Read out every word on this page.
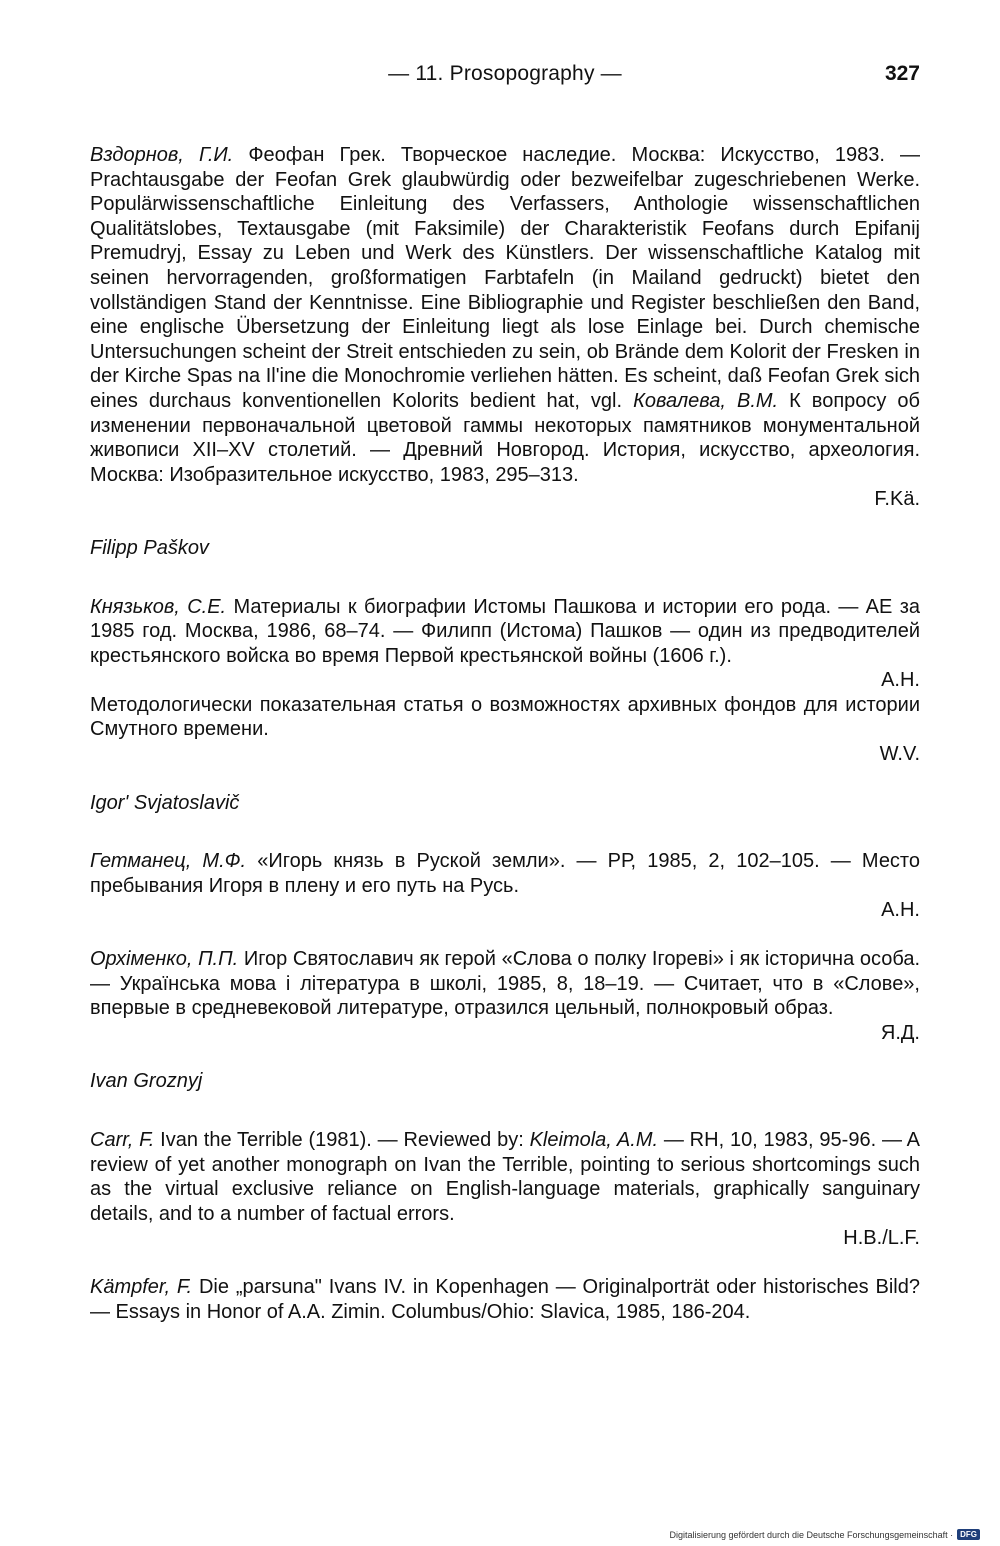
— 11. Prosopography —	327

Вздорнов, Г.И. Феофан Грек. Творческое наследие. Москва: Искусство, 1983. — Prachtausgabe der Feofan Grek glaubwürdig oder bezweifelbar zugeschriebenen Werke. Populärwissenschaftliche Einleitung des Verfassers, Anthologie wissenschaftlichen Qualitätslobes, Textausgabe (mit Faksimile) der Charakteristik Feofans durch Epifanij Premudryj, Essay zu Leben und Werk des Künstlers. Der wissenschaftliche Katalog mit seinen hervorragenden, großformatigen Farbtafeln (in Mailand gedruckt) bietet den vollständigen Stand der Kenntnisse. Eine Bibliographie und Register beschließen den Band, eine englische Übersetzung der Einleitung liegt als lose Einlage bei. Durch chemische Untersuchungen scheint der Streit entschieden zu sein, ob Brände dem Kolorit der Fresken in der Kirche Spas na Il'ine die Monochromie verliehen hätten. Es scheint, daß Feofan Grek sich eines durchaus konventionellen Kolorits bedient hat, vgl. Ковалева, В.М. К вопросу об изменении первоначальной цветовой гаммы некоторых памятников монументальной живописи XII–XV столетий. — Древний Новгород. История, искусство, археология. Москва: Изобразительное искусство, 1983, 295–313.

F.Kä.
Filipp Paškov

Князьков, С.Е. Материалы к биографии Истомы Пашкова и истории его рода. — АЕ за 1985 год. Москва, 1986, 68–74. — Филипп (Истома) Пашков — один из предводителей крестьянского войска во время Первой крестьянской войны (1606 г.).

A.H.

Методологически показательная статья о возможностях архивных фондов для истории Смутного времени.

W.V.
Igor' Svjatoslavič

Гетманец, М.Ф. «Игорь князь в Руской земли». — РР, 1985, 2, 102–105. — Место пребывания Игоря в плену и его путь на Русь.

A.H.

Орхіменко, П.П. Игор Святославич як герой «Слова о полку Ігоревi» і як історична особа. — Українська мова і література в школі, 1985, 8, 18–19. — Считает, что в «Слове», впервые в средневековой литературе, отразился цельный, полнокровый образ.

Я.Д.
Ivan Groznyj

Carr, F. Ivan the Terrible (1981). — Reviewed by: Kleimola, A.M. — RH, 10, 1983, 95-96. — A review of yet another monograph on Ivan the Terrible, pointing to serious shortcomings such as the virtual exclusive reliance on English-language materials, graphically sanguinary details, and to a number of factual errors.

H.B./L.F.

Kämpfer, F. Die „parsuna" Ivans IV. in Kopenhagen — Originalporträt oder historisches Bild? — Essays in Honor of A.A. Zimin. Columbus/Ohio: Slavica, 1985, 186-204.

Digitalisierung gefördert durch die Deutsche Forschungsgemeinschaft · DFG
